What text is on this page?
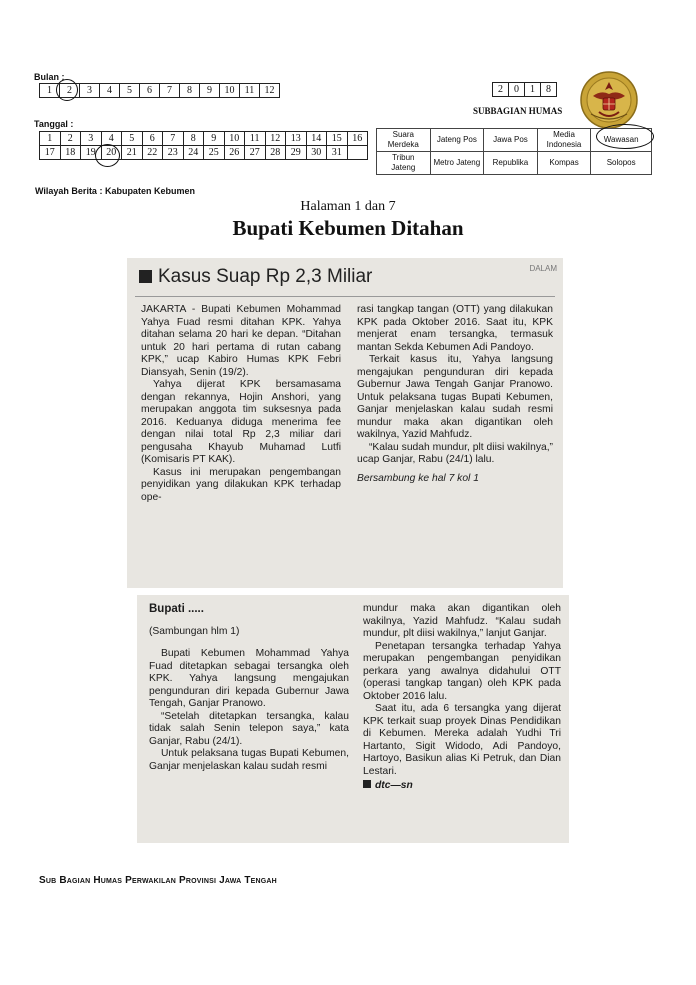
Bulan :
1	2	3	4	5	6	7	8	9	10	11	12
Tanggal :
1	2	3	4	5	6	7	8	9	10	11	12	13	14	15	16
17	18	19	20	21	22	23	24	25	26	27	28	29	30	31	
Wilayah Berita : Kabupaten Kebumen
2	0	1	8
SUBBAGIAN HUMAS
Suara Merdeka	Jateng Pos	Jawa Pos	Media Indonesia	Wawasan
Tribun Jateng	Metro Jateng	Republika	Kompas	Solopos
Halaman 1 dan 7
Bupati Kebumen Ditahan
Kasus Suap Rp 2,3 Miliar	DALAM

JAKARTA - Bupati Kebumen Mohammad Yahya Fuad resmi ditahan KPK. Yahya ditahan selama 20 hari ke depan. “Ditahan untuk 20 hari pertama di rutan cabang KPK,” ucap Kabiro Humas KPK Febri Diansyah, Senin (19/2).

Yahya dijerat KPK bersamasama dengan rekannya, Hojin Anshori, yang merupakan anggota tim suksesnya pada 2016. Keduanya diduga menerima fee dengan nilai total Rp 2,3 miliar dari pengusaha Khayub Muhamad Lutfi (Komisaris PT KAK).

Kasus ini merupakan pengembangan penyidikan yang dilakukan KPK terhadap ope-

rasi tangkap tangan (OTT) yang dilakukan KPK pada Oktober 2016. Saat itu, KPK menjerat enam tersangka, termasuk mantan Sekda Kebumen Adi Pandoyo.

Terkait kasus itu, Yahya langsung mengajukan pengunduran diri kepada Gubernur Jawa Tengah Ganjar Pranowo. Untuk pelaksana tugas Bupati Kebumen, Ganjar menjelaskan kalau sudah resmi mundur maka akan digantikan oleh wakilnya, Yazid Mahfudz.

“Kalau sudah mundur, plt diisi wakilnya,” ucap Ganjar, Rabu (24/1) lalu.

Bersambung ke hal 7 kol 1

Bupati .....

(Sambungan hlm 1)

Bupati Kebumen Mohammad Yahya Fuad ditetapkan sebagai tersangka oleh KPK. Yahya langsung mengajukan pengunduran diri kepada Gubernur Jawa Tengah, Ganjar Pranowo.

“Setelah ditetapkan tersangka, kalau tidak salah Senin telepon saya,” kata Ganjar, Rabu (24/1).

Untuk pelaksana tugas Bupati Kebumen, Ganjar menjelaskan kalau sudah resmi

mundur maka akan digantikan oleh wakilnya, Yazid Mahfudz. “Kalau sudah mundur, plt diisi wakilnya,” lanjut Ganjar.

Penetapan tersangka terhadap Yahya merupakan pengembangan penyidikan perkara yang awalnya didahului OTT (operasi tangkap tangan) oleh KPK pada Oktober 2016 lalu.

Saat itu, ada 6 tersangka yang dijerat KPK terkait suap proyek Dinas Pendidikan di Kebumen. Mereka adalah Yudhi Tri Hartanto, Sigit Widodo, Adi Pandoyo, Hartoyo, Basikun alias Ki Petruk, dan Dian Lestari.

dtc—sn

Sub Bagian Humas Perwakilan Provinsi Jawa Tengah
